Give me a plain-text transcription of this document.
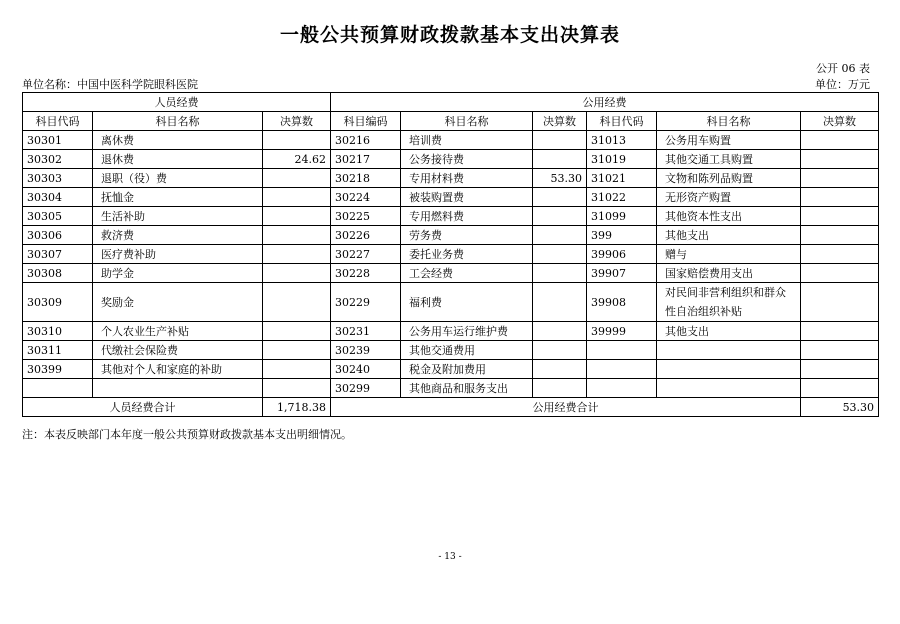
一般公共预算财政拨款基本支出决算表
公开 06 表
单位名称：中国中医科学院眼科医院	单位：万元
人员经费			公用经费					
科目代码	科目名称	决算数	科目编码	科目名称	决算数	科目代码	科目名称	决算数
30301	离休费		30216	培训费		31013	公务用车购置	
30302	退休费	24.62	30217	公务接待费		31019	其他交通工具购置	
30303	退职（役）费		30218	专用材料费	53.30	31021	文物和陈列品购置	
30304	抚恤金		30224	被装购置费		31022	无形资产购置	
30305	生活补助		30225	专用燃料费		31099	其他资本性支出	
30306	救济费		30226	劳务费		399	其他支出	
30307	医疗费补助		30227	委托业务费		39906	赠与	
30308	助学金		30228	工会经费		39907	国家赔偿费用支出	
30309	奖励金		30229	福利费		39908	对民间非营利组织和群众性自治组织补贴	
30310	个人农业生产补贴		30231	公务用车运行维护费		39999	其他支出	
30311	代缴社会保险费		30239	其他交通费用				
30399	其他对个人和家庭的补助		30240	税金及附加费用				
			30299	其他商品和服务支出				
人员经费合计		1,718.38	公用经费合计					53.30
注：本表反映部门本年度一般公共预算财政拨款基本支出明细情况。
- 13 -
